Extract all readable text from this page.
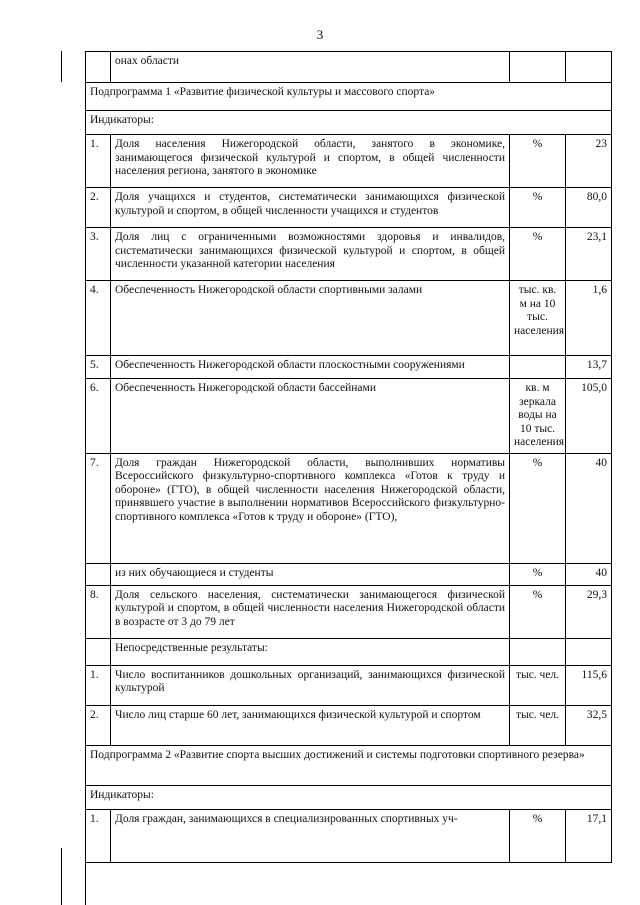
3
	онах области		
Подпрограмма 1 «Развитие физической культуры и массового спорта»			
Индикаторы:			
1.	Доля населения Нижегородской области, занятого в экономике, занимающегося физической культурой и спортом, в общей численности населения региона, занятого в экономике	%	23
2.	Доля учащихся и студентов, систематически занимающихся физической культурой и спортом, в общей численности учащихся и студентов	%	80,0
3.	Доля лиц с ограниченными возможностями здоровья и инвалидов, систематически занимающихся физической культурой и спортом, в общей численности указанной категории населения	%	23,1
4.	Обеспеченность Нижегородской области спортивными залами	тыс. кв. м на 10 тыс. населения	1,6
5.	Обеспеченность Нижегородской области плоскостными сооружениями		13,7
6.	Обеспеченность Нижегородской области бассейнами	кв. м зеркала воды на 10 тыс. населения	105,0
7.	Доля граждан Нижегородской области, выполнивших нормативы Всероссийского физкультурно-спортивного комплекса «Готов к труду и обороне» (ГТО), в общей численности населения Нижегородской области, принявшего участие в выполнении нормативов Всероссийского физкультурно-спортивного комплекса «Готов к труду и обороне» (ГТО),	%	40
	из них обучающиеся и студенты	%	40
8.	Доля сельского населения, систематически занимающегося физической культурой и спортом, в общей численности населения Нижегородской области в возрасте от 3 до 79 лет	%	29,3
	Непосредственные результаты:		
1.	Число воспитанников дошкольных организаций, занимающихся физической культурой	тыс. чел.	115,6
2.	Число лиц старше 60 лет, занимающихся физической культурой и спортом	тыс. чел.	32,5
Подпрограмма 2 «Развитие спорта высших достижений и системы подготовки спортивного резерва»			
Индикаторы:			
1.	Доля граждан, занимающихся в специализированных спортивных уч-	%	17,1
